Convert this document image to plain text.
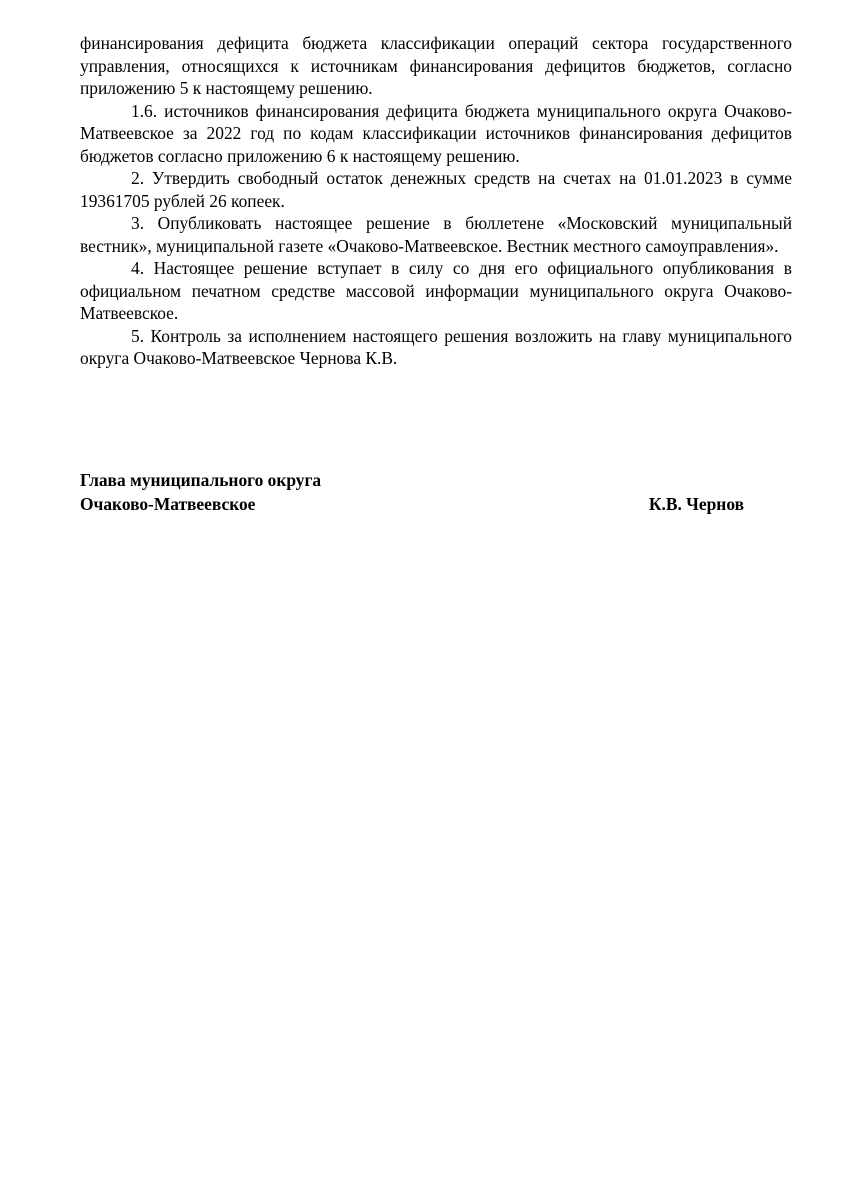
финансирования дефицита бюджета классификации операций сектора государственного управления, относящихся к источникам финансирования дефицитов бюджетов, согласно приложению 5 к настоящему решению.

1.6. источников финансирования дефицита бюджета муниципального округа Очаково-Матвеевское за 2022 год по кодам классификации источников финансирования дефицитов бюджетов согласно приложению 6 к настоящему решению.

2. Утвердить свободный остаток денежных средств на счетах на 01.01.2023 в сумме 19361705 рублей 26 копеек.

3. Опубликовать настоящее решение в бюллетене «Московский муниципальный вестник», муниципальной газете «Очаково-Матвеевское. Вестник местного самоуправления».

4. Настоящее решение вступает в силу со дня его официального опубликования в официальном печатном средстве массовой информации муниципального округа Очаково-Матвеевское.

5. Контроль за исполнением настоящего решения возложить на главу муниципального округа Очаково-Матвеевское Чернова К.В.

Глава муниципального округа
Очаково-Матвеевское	К.В. Чернов
